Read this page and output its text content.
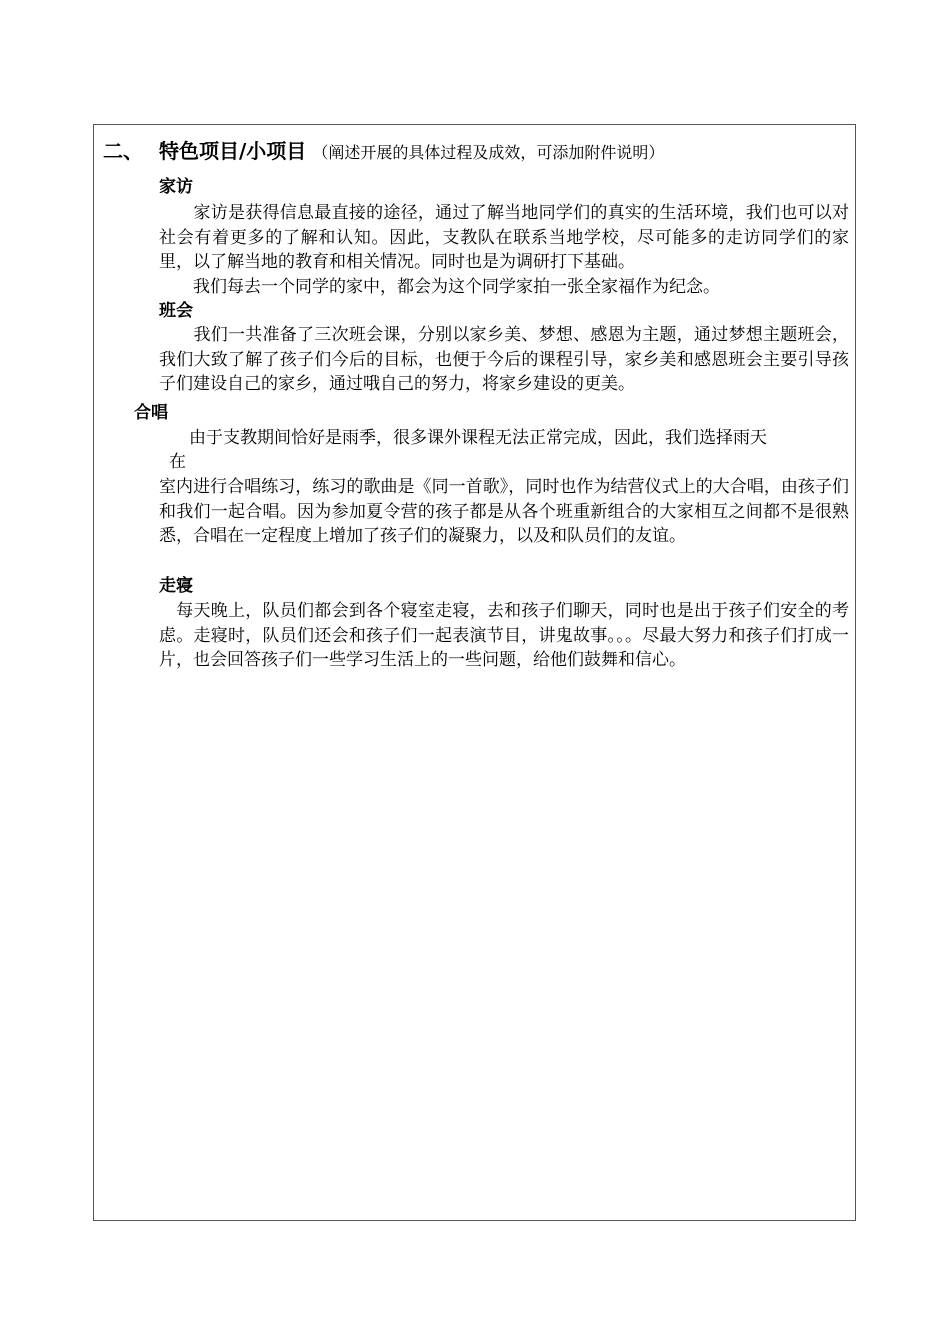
二、 特色项目/小项目 （阐述开展的具体过程及成效，可添加附件说明）
家访

　　家访是获得信息最直接的途径，通过了解当地同学们的真实的生活环境，我们也可以对社会有着更多的了解和认知。因此，支教队在联系当地学校，尽可能多的走访同学们的家里，以了解当地的教育和相关情况。同时也是为调研打下基础。

　　我们每去一个同学的家中，都会为这个同学家拍一张全家福作为纪念。

班会

　　我们一共准备了三次班会课，分别以家乡美、梦想、感恩为主题，通过梦想主题班会，我们大致了解了孩子们今后的目标，也便于今后的课程引导，家乡美和感恩班会主要引导孩子们建设自己的家乡，通过哦自己的努力，将家乡建设的更美。

合唱
由于支教期间恰好是雨季，很多课外课程无法正常完成，因此，我们选择雨天
在

室内进行合唱练习，练习的歌曲是《同一首歌》，同时也作为结营仪式上的大合唱，由孩子们和我们一起合唱。因为参加夏令营的孩子都是从各个班重新组合的大家相互之间都不是很熟悉，合唱在一定程度上增加了孩子们的凝聚力，以及和队员们的友谊。

走寝

　每天晚上，队员们都会到各个寝室走寝，去和孩子们聊天，同时也是出于孩子们安全的考虑。走寝时，队员们还会和孩子们一起表演节目，讲鬼故事。。。尽最大努力和孩子们打成一片，也会回答孩子们一些学习生活上的一些问题，给他们鼓舞和信心。
